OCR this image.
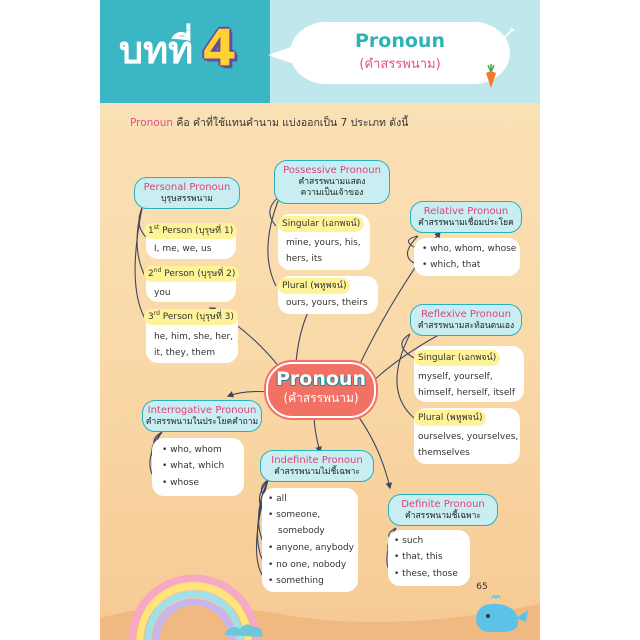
บทที่ 4	Pronoun
(คำสรรพนาม)
Pronoun คือ คำที่ใช้แทนคำนาม แบ่งออกเป็น 7 ประเภท ดังนี้
Personal Pronoun
บุรุษสรรพนาม
1st Person (บุรุษที่ 1)
I, me, we, us
2nd Person (บุรุษที่ 2)
you
3rd Person (บุรุษที่ 3)
he, him, she, her,
it, they, them
Possessive Pronoun
คำสรรพนามแสดง
ความเป็นเจ้าของ
Singular (เอกพจน์)
mine, yours, his,
hers, its
Plural (พหูพจน์)
ours, yours, theirs
Relative Pronoun
คำสรรพนามเชื่อมประโยค
• who, whom, whose
• which, that
Reflexive Pronoun
คำสรรพนามสะท้อนตนเอง
Singular (เอกพจน์)
myself, yourself,
himself, herself, itself
Plural (พหูพจน์)
ourselves, yourselves,
themselves
Pronoun
(คำสรรพนาม)
Interrogative Pronoun
คำสรรพนามในประโยคคำถาม
• who, whom
• what, which
• whose
Indefinite Pronoun
คำสรรพนามไม่ชี้เฉพาะ
• all
• someone,
somebody
• anyone, anybody
• no one, nobody
• something
Definite Pronoun
คำสรรพนามชี้เฉพาะ
• such
• that, this
• these, those
65
